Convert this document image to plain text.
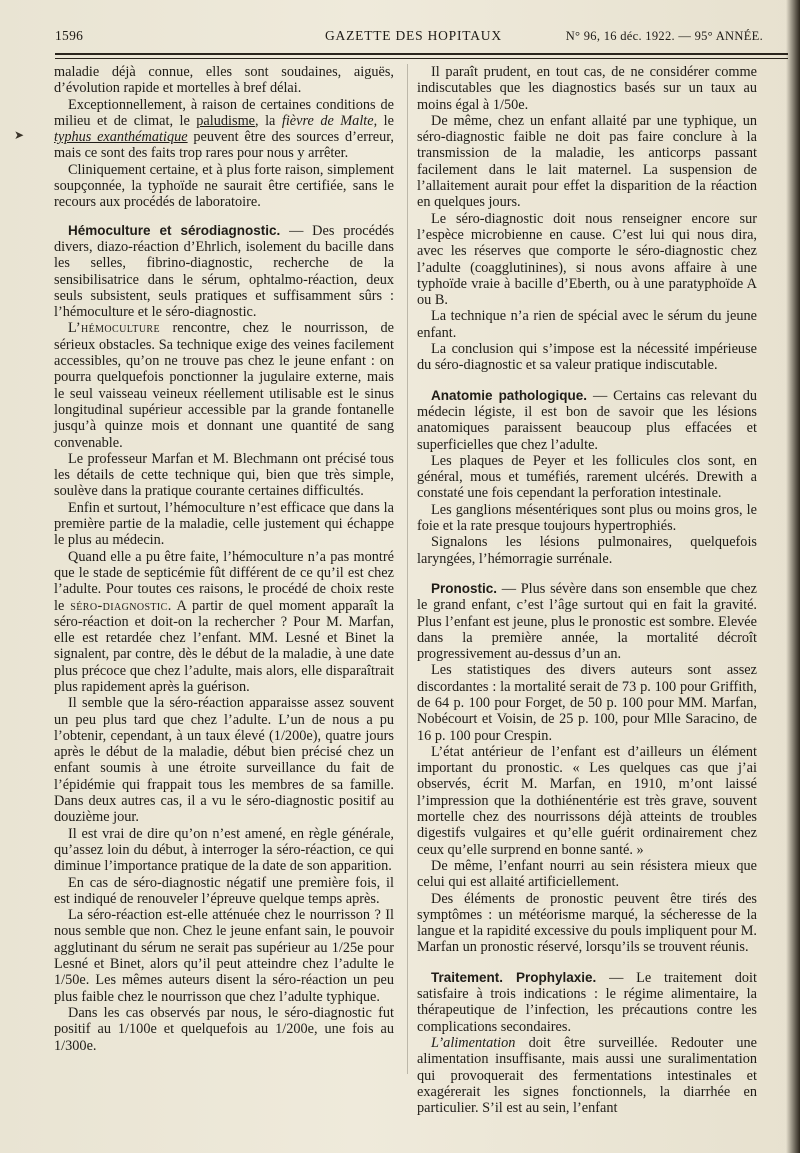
1596	GAZETTE DES HOPITAUX	N° 96, 16 déc. 1922. — 95° ANNÉE.
➤

maladie déjà connue, elles sont soudaines, aiguës, d’évolution rapide et mortelles à bref délai.

Exceptionnellement, à raison de certaines conditions de milieu et de climat, le paludisme, la fièvre de Malte, le typhus exanthématique peuvent être des sources d’erreur, mais ce sont des faits trop rares pour nous y arrêter.

Cliniquement certaine, et à plus forte raison, simplement soupçonnée, la typhoïde ne saurait être certifiée, sans le recours aux procédés de laboratoire.

Hémoculture et sérodiagnostic. — Des procédés divers, diazo-réaction d’Ehrlich, isolement du bacille dans les selles, fibrino-diagnostic, recherche de la sensibilisatrice dans le sérum, ophtalmo-réaction, deux seuls subsistent, seuls pratiques et suffisamment sûrs : l’hémoculture et le séro-diagnostic.

L’hémoculture rencontre, chez le nourrisson, de sérieux obstacles. Sa technique exige des veines facilement accessibles, qu’on ne trouve pas chez le jeune enfant : on pourra quelquefois ponctionner la jugulaire externe, mais le seul vaisseau veineux réellement utilisable est le sinus longitudinal supérieur accessible par la grande fontanelle jusqu’à quinze mois et donnant une quantité de sang convenable.

Le professeur Marfan et M. Blechmann ont précisé tous les détails de cette technique qui, bien que très simple, soulève dans la pratique courante certaines difficultés.

Enfin et surtout, l’hémoculture n’est efficace que dans la première partie de la maladie, celle justement qui échappe le plus au médecin.

Quand elle a pu être faite, l’hémoculture n’a pas montré que le stade de septicémie fût différent de ce qu’il est chez l’adulte. Pour toutes ces raisons, le procédé de choix reste le séro-diagnostic. A partir de quel moment apparaît la séro-réaction et doit-on la rechercher ? Pour M. Marfan, elle est retardée chez l’enfant. MM. Lesné et Binet la signalent, par contre, dès le début de la maladie, à une date plus précoce que chez l’adulte, mais alors, elle disparaîtrait plus rapidement après la guérison.

Il semble que la séro-réaction apparaisse assez souvent un peu plus tard que chez l’adulte. L’un de nous a pu l’obtenir, cependant, à un taux élevé (1/200e), quatre jours après le début de la maladie, début bien précisé chez un enfant soumis à une étroite surveillance du fait de l’épidémie qui frappait tous les membres de sa famille. Dans deux autres cas, il a vu le séro-diagnostic positif au douzième jour.

Il est vrai de dire qu’on n’est amené, en règle générale, qu’assez loin du début, à interroger la séro-réaction, ce qui diminue l’importance pratique de la date de son apparition.

En cas de séro-diagnostic négatif une première fois, il est indiqué de renouveler l’épreuve quelque temps après.

La séro-réaction est-elle atténuée chez le nourrisson ? Il nous semble que non. Chez le jeune enfant sain, le pouvoir agglutinant du sérum ne serait pas supérieur au 1/25e pour Lesné et Binet, alors qu’il peut atteindre chez l’adulte le 1/50e. Les mêmes auteurs disent la séro-réaction un peu plus faible chez le nourrisson que chez l’adulte typhique.

Dans les cas observés par nous, le séro-diagnostic fut positif au 1/100e et quelquefois au 1/200e, une fois au 1/300e.

Il paraît prudent, en tout cas, de ne considérer comme indiscutables que les diagnostics basés sur un taux au moins égal à 1/50e.

De même, chez un enfant allaité par une typhique, un séro-diagnostic faible ne doit pas faire conclure à la transmission de la maladie, les anticorps passant facilement dans le lait maternel. La suspension de l’allaitement aurait pour effet la disparition de la réaction en quelques jours.

Le séro-diagnostic doit nous renseigner encore sur l’espèce microbienne en cause. C’est lui qui nous dira, avec les réserves que comporte le séro-diagnostic chez l’adulte (coagglutinines), si nous avons affaire à une typhoïde vraie à bacille d’Eberth, ou à une paratyphoïde A ou B.

La technique n’a rien de spécial avec le sérum du jeune enfant.

La conclusion qui s’impose est la nécessité impérieuse du séro-diagnostic et sa valeur pratique indiscutable.

Anatomie pathologique. — Certains cas relevant du médecin légiste, il est bon de savoir que les lésions anatomiques paraissent beaucoup plus effacées et superficielles que chez l’adulte.

Les plaques de Peyer et les follicules clos sont, en général, mous et tuméfiés, rarement ulcérés. Drewith a constaté une fois cependant la perforation intestinale.

Les ganglions mésentériques sont plus ou moins gros, le foie et la rate presque toujours hypertrophiés.

Signalons les lésions pulmonaires, quelquefois laryngées, l’hémorragie surrénale.

Pronostic. — Plus sévère dans son ensemble que chez le grand enfant, c’est l’âge surtout qui en fait la gravité. Plus l’enfant est jeune, plus le pronostic est sombre. Elevée dans la première année, la mortalité décroît progressivement au-dessus d’un an.

Les statistiques des divers auteurs sont assez discordantes : la mortalité serait de 73 p. 100 pour Griffith, de 64 p. 100 pour Forget, de 50 p. 100 pour MM. Marfan, Nobécourt et Voisin, de 25 p. 100, pour Mlle Saracino, de 16 p. 100 pour Crespin.

L’état antérieur de l’enfant est d’ailleurs un élément important du pronostic. « Les quelques cas que j’ai observés, écrit M. Marfan, en 1910, m’ont laissé l’impression que la dothiénentérie est très grave, souvent mortelle chez des nourrissons déjà atteints de troubles digestifs vulgaires et qu’elle guérit ordinairement chez ceux qu’elle surprend en bonne santé. »

De même, l’enfant nourri au sein résistera mieux que celui qui est allaité artificiellement.

Des éléments de pronostic peuvent être tirés des symptômes : un météorisme marqué, la sécheresse de la langue et la rapidité excessive du pouls impliquent pour M. Marfan un pronostic réservé, lorsqu’ils se trouvent réunis.

Traitement. Prophylaxie. — Le traitement doit satisfaire à trois indications : le régime alimentaire, la thérapeutique de l’infection, les précautions contre les complications secondaires.

L’alimentation doit être surveillée. Redouter une alimentation insuffisante, mais aussi une suralimentation qui provoquerait des fermentations intestinales et exagérerait les signes fonctionnels, la diarrhée en particulier. S’il est au sein, l’enfant
